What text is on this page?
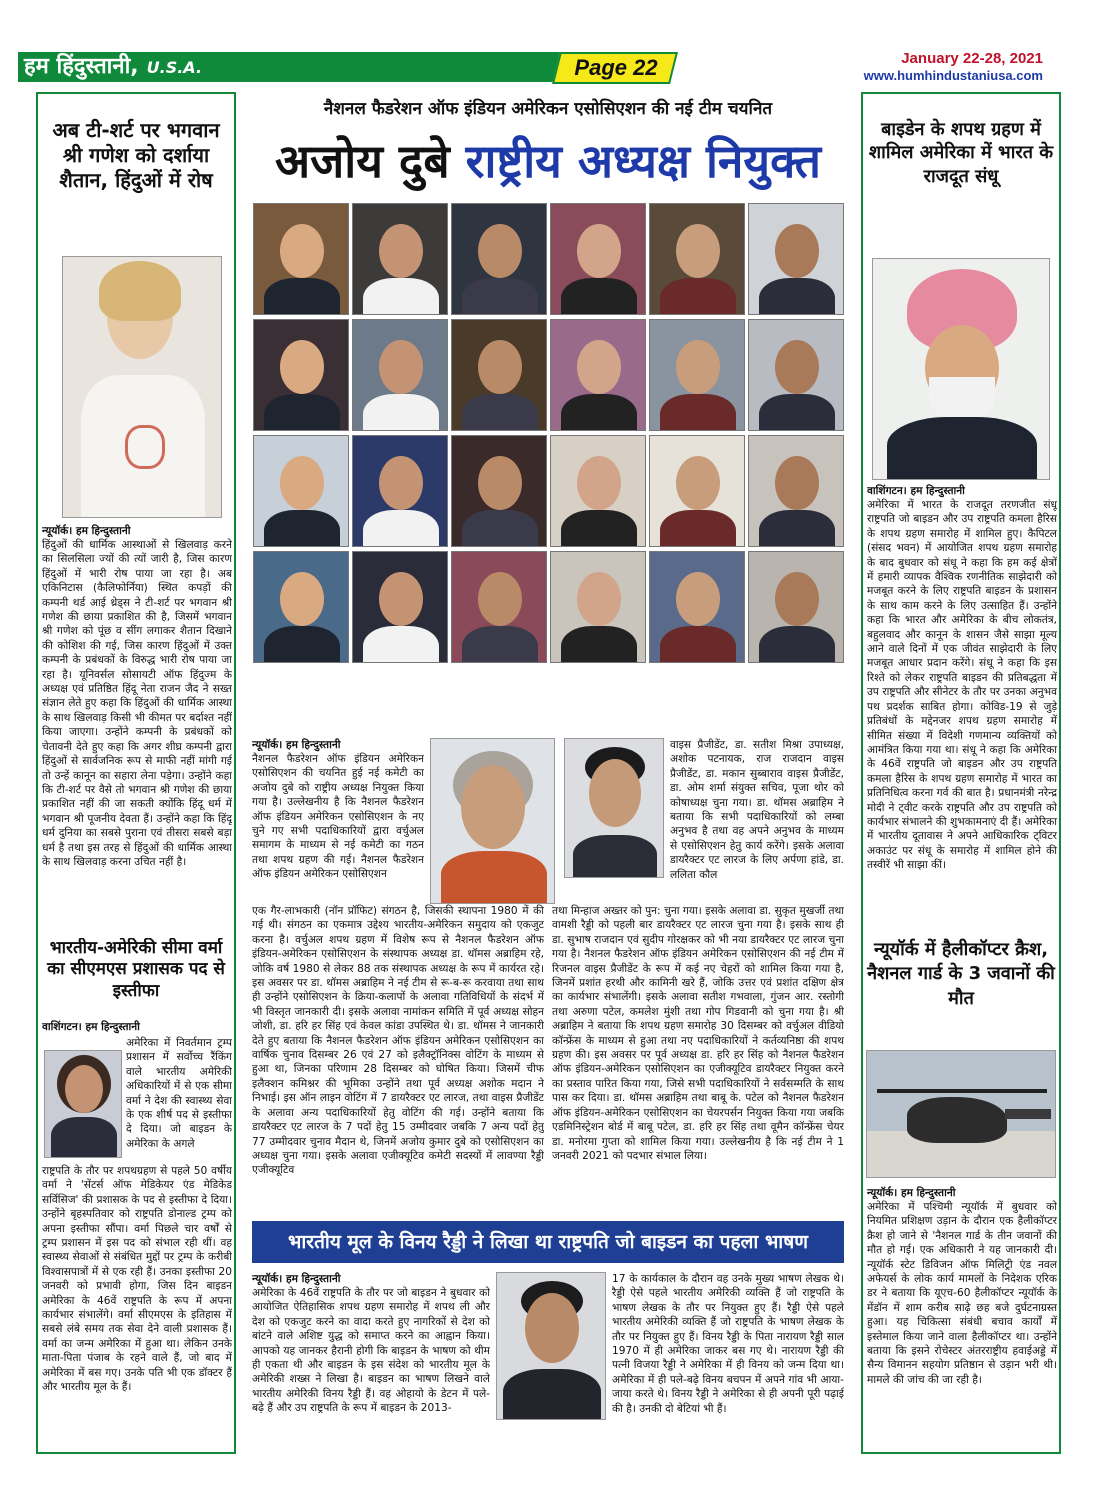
हम हिंदुस्तानी, U.S.A.	Page 22	January 22-28, 2021
www.humhindustaniusa.com
अब टी-शर्ट पर भगवान श्री गणेश को दर्शाया शैतान, हिंदुओं में रोष
न्यूयॉर्क। हम हिन्दुस्तानी
हिंदुओं की धार्मिक आस्थाओं से खिलवाड़ करने का सिलसिला ज्यों की त्यों जारी है, जिस कारण हिंदुओं में भारी रोष पाया जा रहा है। अब एकिनिटास (कैलिफोर्निया) स्थित कपड़ों की कम्पनी थर्ड आई थ्रेड्स ने टी-शर्ट पर भगवान श्री गणेश की छाया प्रकाशित की है, जिसमें भगवान श्री गणेश को पूंछ व सींग लगाकर शैतान दिखाने की कोशिश की गई, जिस कारण हिंदुओं में उक्त कम्पनी के प्रबंधकों के विरुद्ध भारी रोष पाया जा रहा है। यूनिवर्सल सोसायटी ऑफ हिंदुज्म के अध्यक्ष एवं प्रतिष्ठित हिंदू नेता राजन जैद ने सख्त संज्ञान लेते हुए कहा कि हिंदुओं की धार्मिक आस्था के साथ खिलवाड़ किसी भी कीमत पर बर्दाश्त नहीं किया जाएगा। उन्होंने कम्पनी के प्रबंधकों को चेतावनी देते हुए कहा कि अगर शीघ्र कम्पनी द्वारा हिंदुओं से सार्वजनिक रूप से माफी नहीं मांगी गई तो उन्हें कानून का सहारा लेना पड़ेगा। उन्होंने कहा कि टी-शर्ट पर वैसे तो भगवान श्री गणेश की छाया प्रकाशित नहीं की जा सकती क्योंकि हिंदू धर्म में भगवान श्री पूजनीय देवता हैं। उन्होंने कहा कि हिंदू धर्म दुनिया का सबसे पुराना एवं तीसरा सबसे बड़ा धर्म है तथा इस तरह से हिंदुओं की धार्मिक आस्था के साथ खिलवाड़ करना उचित नहीं है।
भारतीय-अमेरिकी सीमा वर्मा का सीएमएस प्रशासक पद से इस्तीफा
वाशिंगटन। हम हिन्दुस्तानी
अमेरिका में निवर्तमान ट्रम्प प्रशासन में सर्वोच्च रैंकिंग वाले भारतीय अमेरिकी अधिकारियों में से एक सीमा वर्मा ने देश की स्वास्थ्य सेवा के एक शीर्ष पद से इस्तीफा दे दिया। जो बाइडन के अमेरिका के अगले
राष्ट्रपति के तौर पर शपथग्रहण से पहले 50 वर्षीय वर्मा ने 'सेंटर्स ऑफ मेडिकेयर एंड मेडिकेड सर्विसिज' की प्रशासक के पद से इस्तीफा दे दिया। उन्होंने बृहस्पतिवार को राष्ट्रपति डोनाल्ड ट्रम्प को अपना इस्तीफा सौंपा। वर्मा पिछले चार वर्षों से ट्रम्प प्रशासन में इस पद को संभाल रही थीं। वह स्वास्थ्य सेवाओं से संबंधित मुद्दों पर ट्रम्प के करीबी विश्वासपात्रों में से एक रही हैं। उनका इस्तीफा 20 जनवरी को प्रभावी होगा, जिस दिन बाइडन अमेरिका के 46वें राष्ट्रपति के रूप में अपना कार्यभार संभालेंगे। वर्मा सीएमएस के इतिहास में सबसे लंबे समय तक सेवा देने वाली प्रशासक हैं। वर्मा का जन्म अमेरिका में हुआ था। लेकिन उनके माता-पिता पंजाब के रहने वाले हैं, जो बाद में अमेरिका में बस गए। उनके पति भी एक डॉक्टर हैं और भारतीय मूल के हैं।
बाइडेन के शपथ ग्रहण में शामिल अमेरिका में भारत के राजदूत संधू
वाशिंगटन। हम हिन्दुस्तानी
अमेरिका में भारत के राजदूत तरणजीत संधू राष्ट्रपति जो बाइडन और उप राष्ट्रपति कमला हैरिस के शपथ ग्रहण समारोह में शामिल हुए। कैपिटल (संसद भवन) में आयोजित शपथ ग्रहण समारोह के बाद बुधवार को संधू ने कहा कि हम कई क्षेत्रों में हमारी व्यापक वैश्विक रणनीतिक साझेदारी को मजबूत करने के लिए राष्ट्रपति बाइडन के प्रशासन के साथ काम करने के लिए उत्साहित हैं। उन्होंने कहा कि भारत और अमेरिका के बीच लोकतंत्र, बहुलवाद और कानून के शासन जैसे साझा मूल्य आने वाले दिनों में एक जीवंत साझेदारी के लिए मजबूत आधार प्रदान करेंगे। संधू ने कहा कि इस रिश्ते को लेकर राष्ट्रपति बाइडन की प्रतिबद्धता में उप राष्ट्रपति और सीनेटर के तौर पर उनका अनुभव पथ प्रदर्शक साबित होगा। कोविड-19 से जुड़े प्रतिबंधों के मद्देनजर शपथ ग्रहण समारोह में सीमित संख्या में विदेशी गणमान्य व्यक्तियों को आमंत्रित किया गया था। संधू ने कहा कि अमेरिका के 46वें राष्ट्रपति जो बाइडन और उप राष्ट्रपति कमला हैरिस के शपथ ग्रहण समारोह में भारत का प्रतिनिधित्व करना गर्व की बात है। प्रधानमंत्री नरेन्द्र मोदी ने ट्वीट करके राष्ट्रपति और उप राष्ट्रपति को कार्यभार संभालने की शुभकामनाएं दी हैं। अमेरिका में भारतीय दूतावास ने अपने आधिकारिक ट्विटर अकाउंट पर संधू के समारोह में शामिल होने की तस्वीरें भी साझा कीं।
न्यूयॉर्क में हैलीकॉप्टर क्रैश, नैशनल गार्ड के 3 जवानों की मौत
न्यूयॉर्क। हम हिन्दुस्तानी
अमेरिका में पश्चिमी न्यूयॉर्क में बुधवार को नियमित प्रशिक्षण उड़ान के दौरान एक हैलीकॉप्टर क्रैश हो जाने से 'नैशनल गार्ड के तीन जवानों की मौत हो गई। एक अधिकारी ने यह जानकारी दी। न्यूयॉर्क स्टेट डिविजन ऑफ मिलिट्री एंड नवल अफेयर्स के लोक कार्य मामलों के निदेशक एरिक डर ने बताया कि यूएच-60 हैलीकॉप्टर न्यूयॉर्क के मेंडॉन में शाम करीब साढ़े छह बजे दुर्घटनाग्रस्त हुआ। यह चिकित्सा संबंधी बचाव कार्यों में इस्तेमाल किया जाने वाला हैलीकॉप्टर था। उन्होंने बताया कि इसने रोचेस्टर अंतरराष्ट्रीय हवाईअड्डे में सैन्य विमानन सहयोग प्रतिष्ठान से उड़ान भरी थी। मामले की जांच की जा रही है।
नैशनल फैडरेशन ऑफ इंडियन अमेरिकन एसोसिएशन की नई टीम चयनित
अजोय दुबे राष्ट्रीय अध्यक्ष नियुक्त
न्यूयॉर्क। हम हिन्दुस्तानी
नैशनल फैडरेशन ऑफ इंडियन अमेरिकन एसोसिएशन की चयनित हुई नई कमेटी का अजोय दुबे को राष्ट्रीय अध्यक्ष नियुक्त किया गया है। उल्लेखनीय है कि नैशनल फैडरेशन ऑफ इंडियन अमेरिकन एसोसिएशन के नए चुने गए सभी पदाधिकारियों द्वारा वर्चुअल समागम के माध्यम से नई कमेटी का गठन तथा शपथ ग्रहण की गई। नैशनल फैडरेशन ऑफ इंडियन अमेरिकन एसोसिएशन
वाइस प्रैजीडेंट, डा. सतीश मिश्रा उपाध्यक्ष, अशोक पटनायक, राज राजदान वाइस प्रैजीडेंट, डा. मकान सुब्बाराव वाइस प्रैजीडेंट, डा. ओम शर्मा संयुक्त सचिव, पूजा थोर को कोषाध्यक्ष चुना गया। डा. थॉमस अब्राहिम ने बताया कि सभी पदाधिकारियों को लम्बा अनुभव है तथा वह अपने अनुभव के माध्यम से एसोसिएशन हेतु कार्य करेंगे। इसके अलावा डायरैक्टर एट लारज के लिए अर्पणा हांडे, डा. ललिता कौल
एक गैर-लाभकारी (नॉन प्रॉफिट) संगठन है, जिसकी स्थापना 1980 में की गई थी। संगठन का एकमात्र उद्देश्य भारतीय-अमेरिकन समुदाय को एकजुट करना है। वर्चुअल शपथ ग्रहण में विशेष रूप से नैशनल फैडरेशन ऑफ इंडियन-अमेरिकन एसोसिएशन के संस्थापक अध्यक्ष डा. थॉमस अब्राहिम रहे, जोकि वर्ष 1980 से लेकर 88 तक संस्थापक अध्यक्ष के रूप में कार्यरत रहे। इस अवसर पर डा. थॉमस अब्राहिम ने नई टीम से रू-ब-रू करवाया तथा साथ ही उन्होंने एसोसिएशन के क्रिया-कलापों के अलावा गतिविधियों के संदर्भ में भी विस्तृत जानकारी दी। इसके अलावा नामांकन समिति में पूर्व अध्यक्ष सोहन जोशी, डा. हरि हर सिंह एवं केवल कांडा उपस्थित थे। डा. थॉमस ने जानकारी देते हुए बताया कि नैशनल फैडरेशन ऑफ इंडियन अमेरिकन एसोसिएशन का वार्षिक चुनाव दिसम्बर 26 एवं 27 को इलैक्ट्रॉनिक्स वोटिंग के माध्यम से हुआ था, जिनका परिणाम 28 दिसम्बर को घोषित किया। जिसमें चीफ इलैक्शन कमिश्नर की भूमिका उन्होंने तथा पूर्व अध्यक्ष अशोक मदान ने निभाई। इस ऑन लाइन वोटिंग में 7 डायरैक्टर एट लारज, तथा वाइस प्रैजीडेंट के अलावा अन्य पदाधिकारियों हेतु वोटिंग की गई। उन्होंने बताया कि डायरैक्टर एट लारज के 7 पदों हेतु 15 उम्मीदवार जबकि 7 अन्य पदों हेतु 77 उम्मीदवार चुनाव मैदान थे, जिनमें अजोय कुमार दुबे को एसोसिएशन का अध्यक्ष चुना गया। इसके अलावा एजीक्यूटिव कमेटी सदस्यों में लावण्या रैड्डी एजीक्यूटिव
तथा मिन्हाज अख्तर को पुन: चुना गया। इसके अलावा डा. सुकृत मुखर्जी तथा वामशी रैड्डी को पहली बार डायरैक्टर एट लारज चुना गया है। इसके साथ ही डा. सुभाष राजदान एवं सुदीप गोरक्षकर को भी नया डायरैक्टर एट लारज चुना गया है। नैशनल फैडरेशन ऑफ इंडियन अमेरिकन एसोसिएशन की नई टीम में रिजनल वाइस प्रैजीडेंट के रूप में कई नए चेहरों को शामिल किया गया है, जिनमें प्रशांत हरथी और कामिनी खरे हैं, जोकि उत्तर एवं प्रशांत दक्षिण क्षेत्र का कार्यभार संभालेंगी। इसके अलावा सतीश गभवाला, गुंजन आर. रस्तोगी तथा अरुणा पटेल, कमलेश मुंशी तथा गोप गिडवानी को चुना गया है। श्री अब्राहिम ने बताया कि शपथ ग्रहण समारोह 30 दिसम्बर को वर्चुअल वीडियो कॉन्फ्रेंस के माध्यम से हुआ तथा नए पदाधिकारियों ने कर्तव्यनिष्ठा की शपथ ग्रहण की। इस अवसर पर पूर्व अध्यक्ष डा. हरि हर सिंह को नैशनल फैडरेशन ऑफ इंडियन-अमेरिकन एसोसिएशन का एजीक्यूटिव डायरैक्टर नियुक्त करने का प्रस्ताव पारित किया गया, जिसे सभी पदाधिकारियों ने सर्वसम्मति के साथ पास कर दिया। डा. थॉमस अब्राहिम तथा बाबू के. पटेल को नैशनल फैडरेशन ऑफ इंडियन-अमेरिकन एसोसिएशन का चेयरपर्सन नियुक्त किया गया जबकि एडमिनिस्ट्रेशन बोर्ड में बाबू पटेल, डा. हरि हर सिंह तथा वूमैन कॉन्फ्रेंस चेयर डा. मनोरमा गुप्ता को शामिल किया गया। उल्लेखनीय है कि नई टीम ने 1 जनवरी 2021 को पदभार संभाल लिया।
भारतीय मूल के विनय रैड्डी ने लिखा था राष्ट्रपति जो बाइडन का पहला भाषण
न्यूयॉर्क। हम हिन्दुस्तानी
अमेरिका के 46वें राष्ट्रपति के तौर पर जो बाइडन ने बुधवार को आयोजित ऐतिहासिक शपथ ग्रहण समारोह में शपथ ली और देश को एकजुट करने का वादा करते हुए नागरिकों से देश को बांटने वाले अशिष्ट युद्ध को समाप्त करने का आह्वान किया। आपको यह जानकर हैरानी होगी कि बाइडन के भाषण को थीम ही एकता थी और बाइडन के इस संदेश को भारतीय मूल के अमेरिकी शख्स ने लिखा है। बाइडन का भाषण लिखने वाले भारतीय अमेरिकी विनय रैड्डी हैं। वह ओहायो के डेटन में पले-बढ़े हैं और उप राष्ट्रपति के रूप में बाइडन के 2013-
17 के कार्यकाल के दौरान वह उनके मुख्य भाषण लेखक थे। रैड्डी ऐसे पहले भारतीय अमेरिकी व्यक्ति हैं जो राष्ट्रपति के भाषण लेखक के तौर पर नियुक्त हुए हैं। रैड्डी ऐसे पहले भारतीय अमेरिकी व्यक्ति हैं जो राष्ट्रपति के भाषण लेखक के तौर पर नियुक्त हुए हैं। विनय रैड्डी के पिता नारायण रैड्डी साल 1970 में ही अमेरिका जाकर बस गए थे। नारायण रैड्डी की पत्नी विजया रैड्डी ने अमेरिका में ही विनय को जन्म दिया था। अमेरिका में ही पले-बढ़े विनय बचपन में अपने गांव भी आया-जाया करते थे। विनय रैड्डी ने अमेरिका से ही अपनी पूरी पढ़ाई की है। उनकी दो बेटियां भी हैं।
